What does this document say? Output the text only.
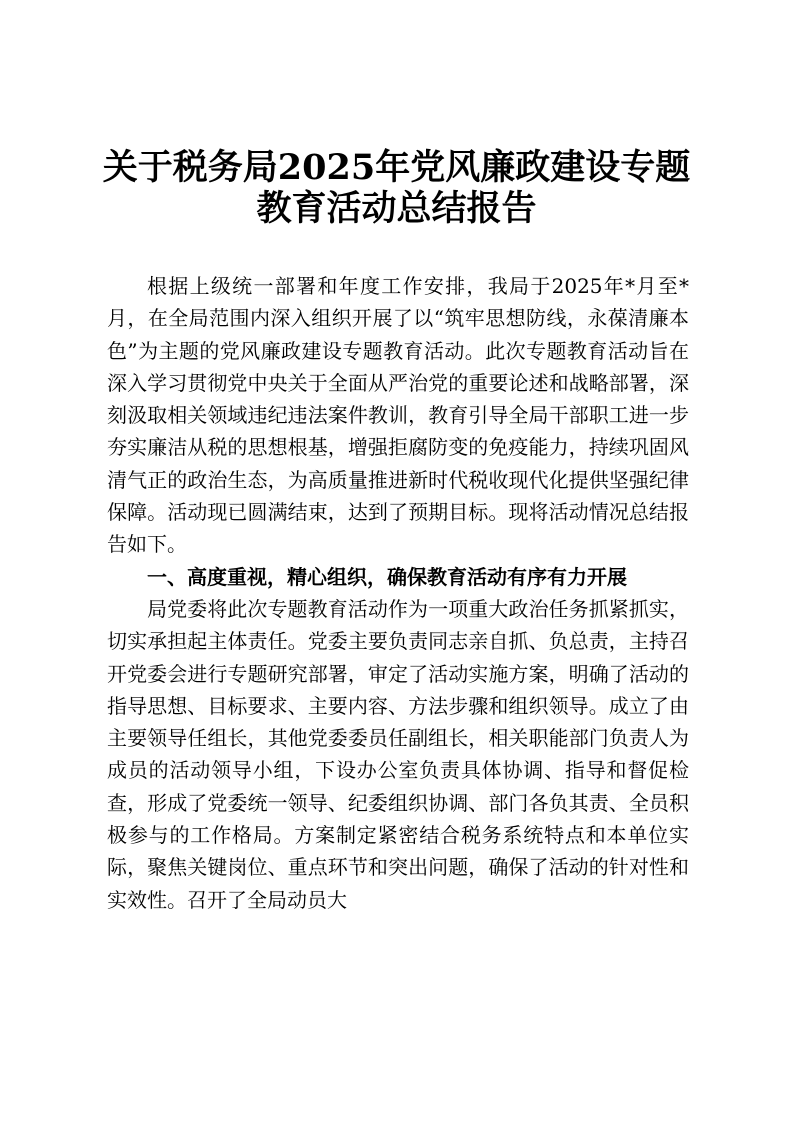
关于税务局2025年党风廉政建设专题
教育活动总结报告

根据上级统一部署和年度工作安排，我局于2025年*月至*月，在全局范围内深入组织开展了以“筑牢思想防线，永葆清廉本色”为主题的党风廉政建设专题教育活动。此次专题教育活动旨在深入学习贯彻党中央关于全面从严治党的重要论述和战略部署，深刻汲取相关领域违纪违法案件教训，教育引导全局干部职工进一步夯实廉洁从税的思想根基，增强拒腐防变的免疫能力，持续巩固风清气正的政治生态，为高质量推进新时代税收现代化提供坚强纪律保障。活动现已圆满结束，达到了预期目标。现将活动情况总结报告如下。

一、高度重视，精心组织，确保教育活动有序有力开展

局党委将此次专题教育活动作为一项重大政治任务抓紧抓实，切实承担起主体责任。党委主要负责同志亲自抓、负总责，主持召开党委会进行专题研究部署，审定了活动实施方案，明确了活动的指导思想、目标要求、主要内容、方法步骤和组织领导。成立了由主要领导任组长，其他党委委员任副组长，相关职能部门负责人为成员的活动领导小组，下设办公室负责具体协调、指导和督促检查，形成了党委统一领导、纪委组织协调、部门各负其责、全员积极参与的工作格局。方案制定紧密结合税务系统特点和本单位实际，聚焦关键岗位、重点环节和突出问题，确保了活动的针对性和实效性。召开了全局动员大
